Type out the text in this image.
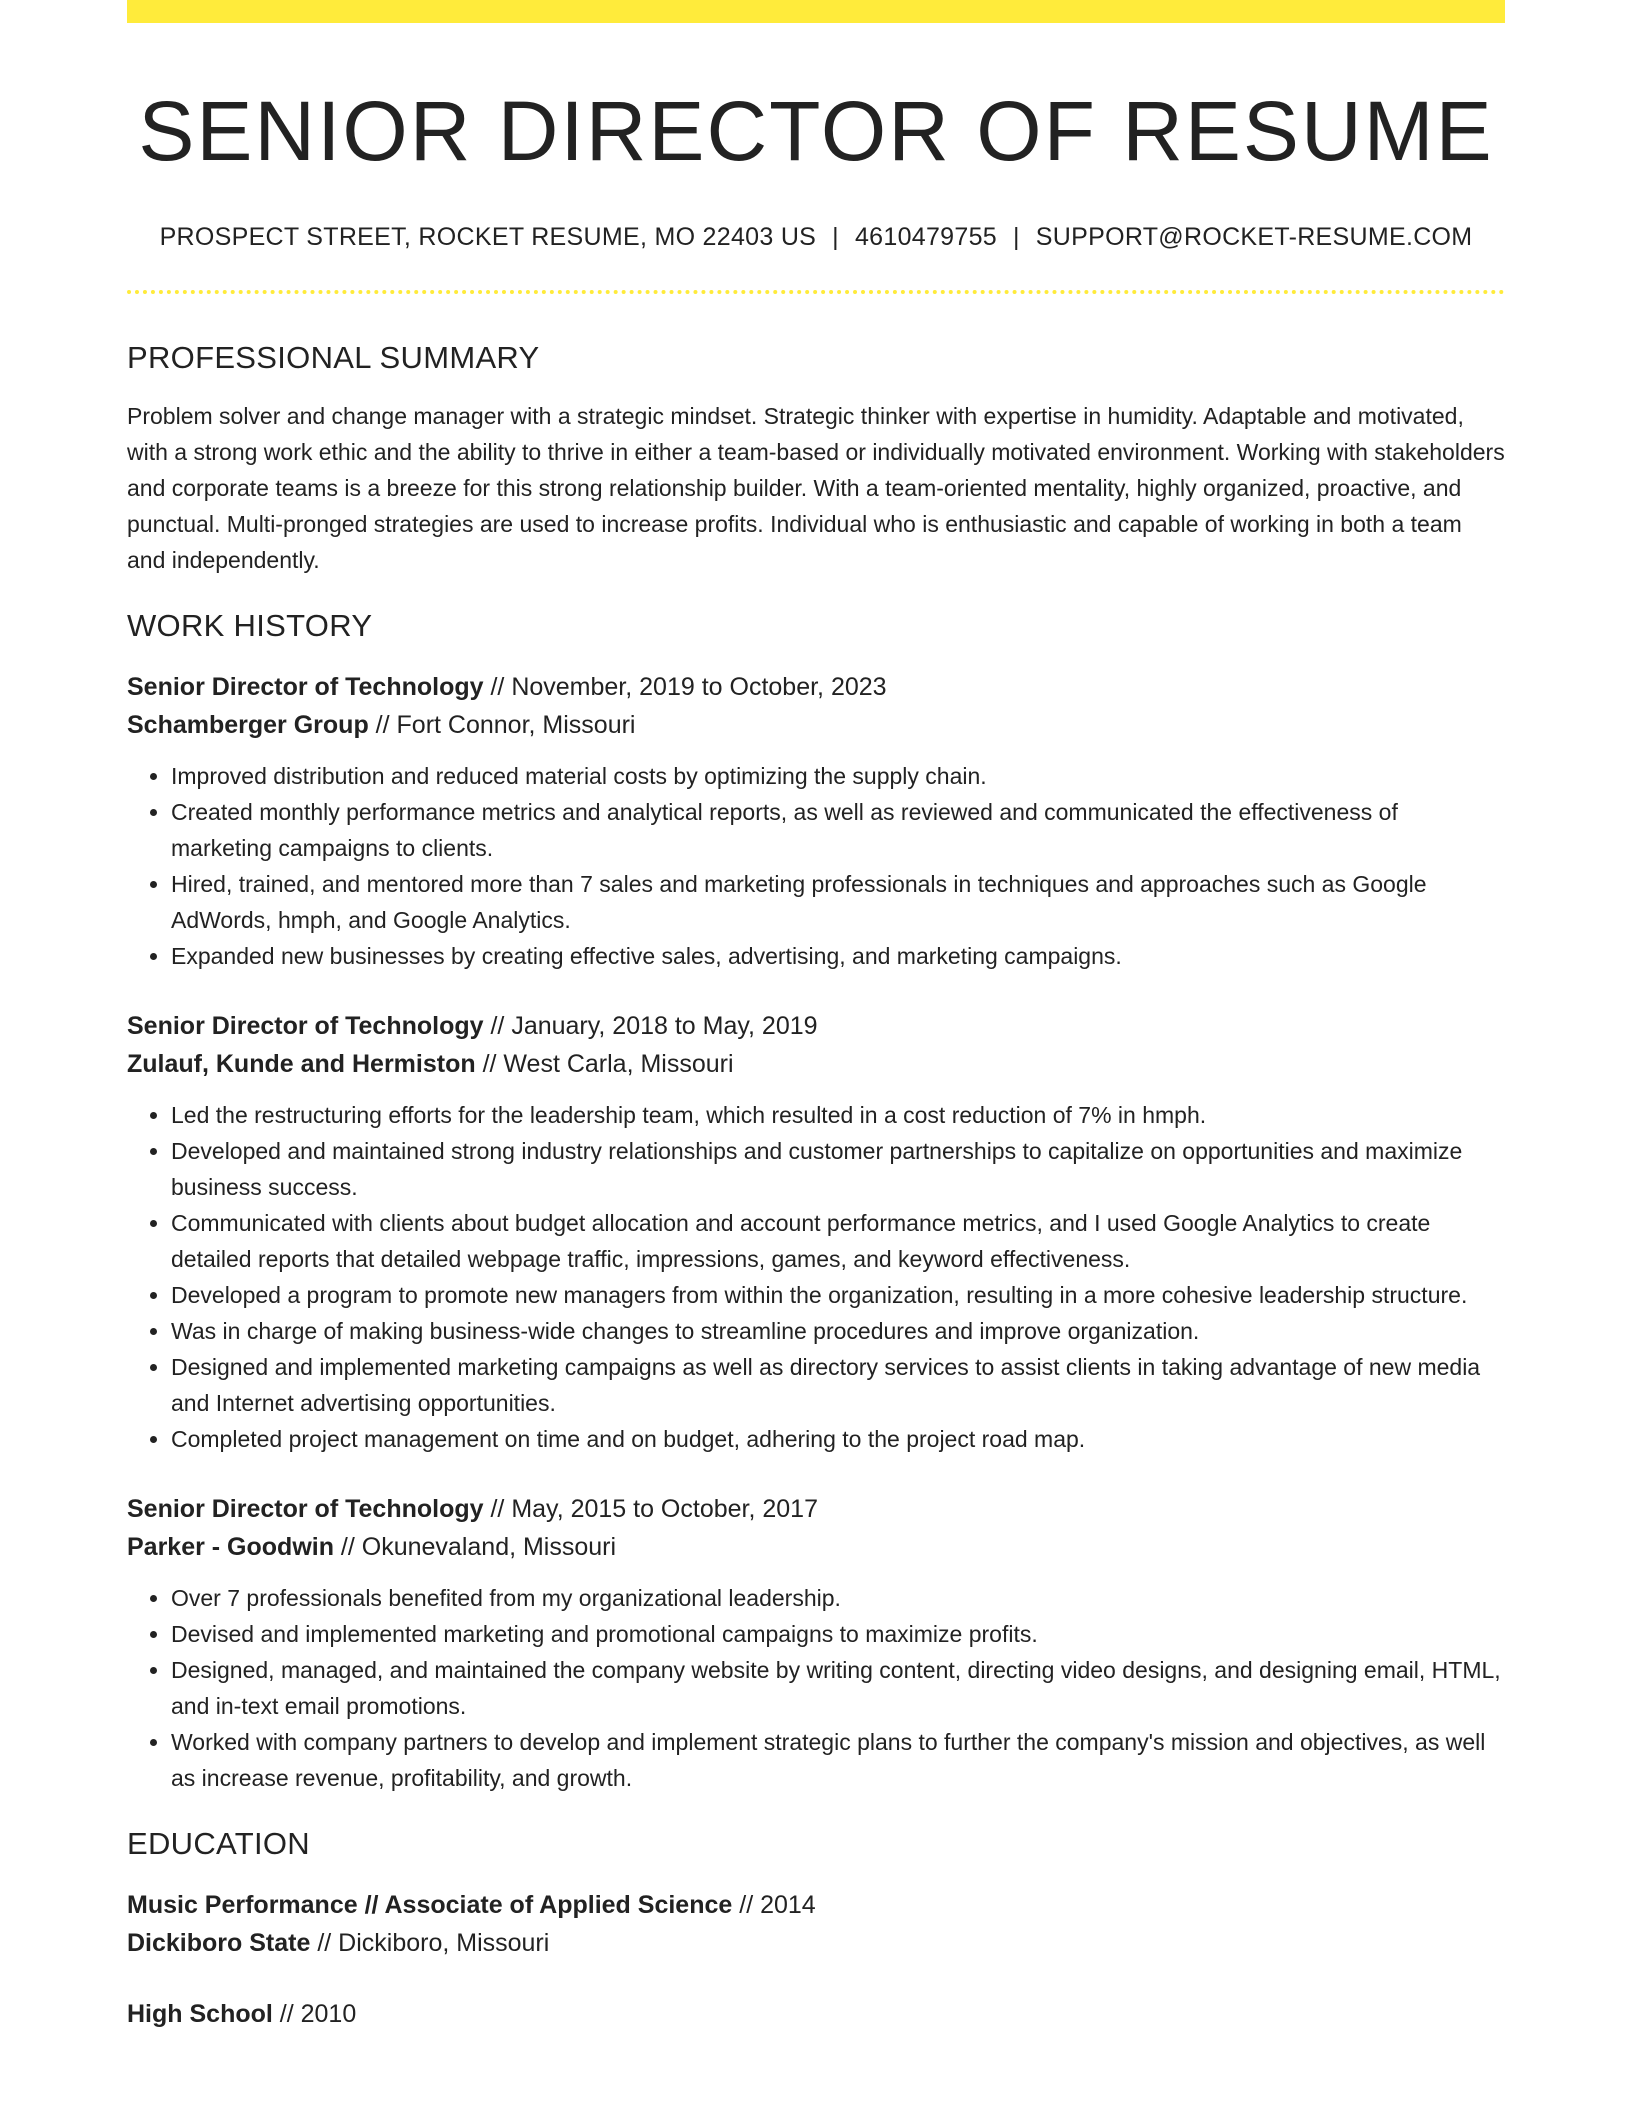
SENIOR DIRECTOR OF RESUME
PROSPECT STREET, ROCKET RESUME, MO 22403 US | 4610479755 | SUPPORT@ROCKET-RESUME.COM
PROFESSIONAL SUMMARY
Problem solver and change manager with a strategic mindset. Strategic thinker with expertise in humidity. Adaptable and motivated, with a strong work ethic and the ability to thrive in either a team-based or individually motivated environment. Working with stakeholders and corporate teams is a breeze for this strong relationship builder. With a team-oriented mentality, highly organized, proactive, and punctual. Multi-pronged strategies are used to increase profits. Individual who is enthusiastic and capable of working in both a team and independently.
WORK HISTORY
Senior Director of Technology // November, 2019 to October, 2023
Schamberger Group // Fort Connor, Missouri
• Improved distribution and reduced material costs by optimizing the supply chain.
• Created monthly performance metrics and analytical reports, as well as reviewed and communicated the effectiveness of marketing campaigns to clients.
• Hired, trained, and mentored more than 7 sales and marketing professionals in techniques and approaches such as Google AdWords, hmph, and Google Analytics.
• Expanded new businesses by creating effective sales, advertising, and marketing campaigns.
Senior Director of Technology // January, 2018 to May, 2019
Zulauf, Kunde and Hermiston // West Carla, Missouri
• Led the restructuring efforts for the leadership team, which resulted in a cost reduction of 7% in hmph.
• Developed and maintained strong industry relationships and customer partnerships to capitalize on opportunities and maximize business success.
• Communicated with clients about budget allocation and account performance metrics, and I used Google Analytics to create detailed reports that detailed webpage traffic, impressions, games, and keyword effectiveness.
• Developed a program to promote new managers from within the organization, resulting in a more cohesive leadership structure.
• Was in charge of making business-wide changes to streamline procedures and improve organization.
• Designed and implemented marketing campaigns as well as directory services to assist clients in taking advantage of new media and Internet advertising opportunities.
• Completed project management on time and on budget, adhering to the project road map.
Senior Director of Technology // May, 2015 to October, 2017
Parker - Goodwin // Okunevaland, Missouri
• Over 7 professionals benefited from my organizational leadership.
• Devised and implemented marketing and promotional campaigns to maximize profits.
• Designed, managed, and maintained the company website by writing content, directing video designs, and designing email, HTML, and in-text email promotions.
• Worked with company partners to develop and implement strategic plans to further the company's mission and objectives, as well as increase revenue, profitability, and growth.
EDUCATION
Music Performance // Associate of Applied Science // 2014
Dickiboro State // Dickiboro, Missouri
High School // 2010
